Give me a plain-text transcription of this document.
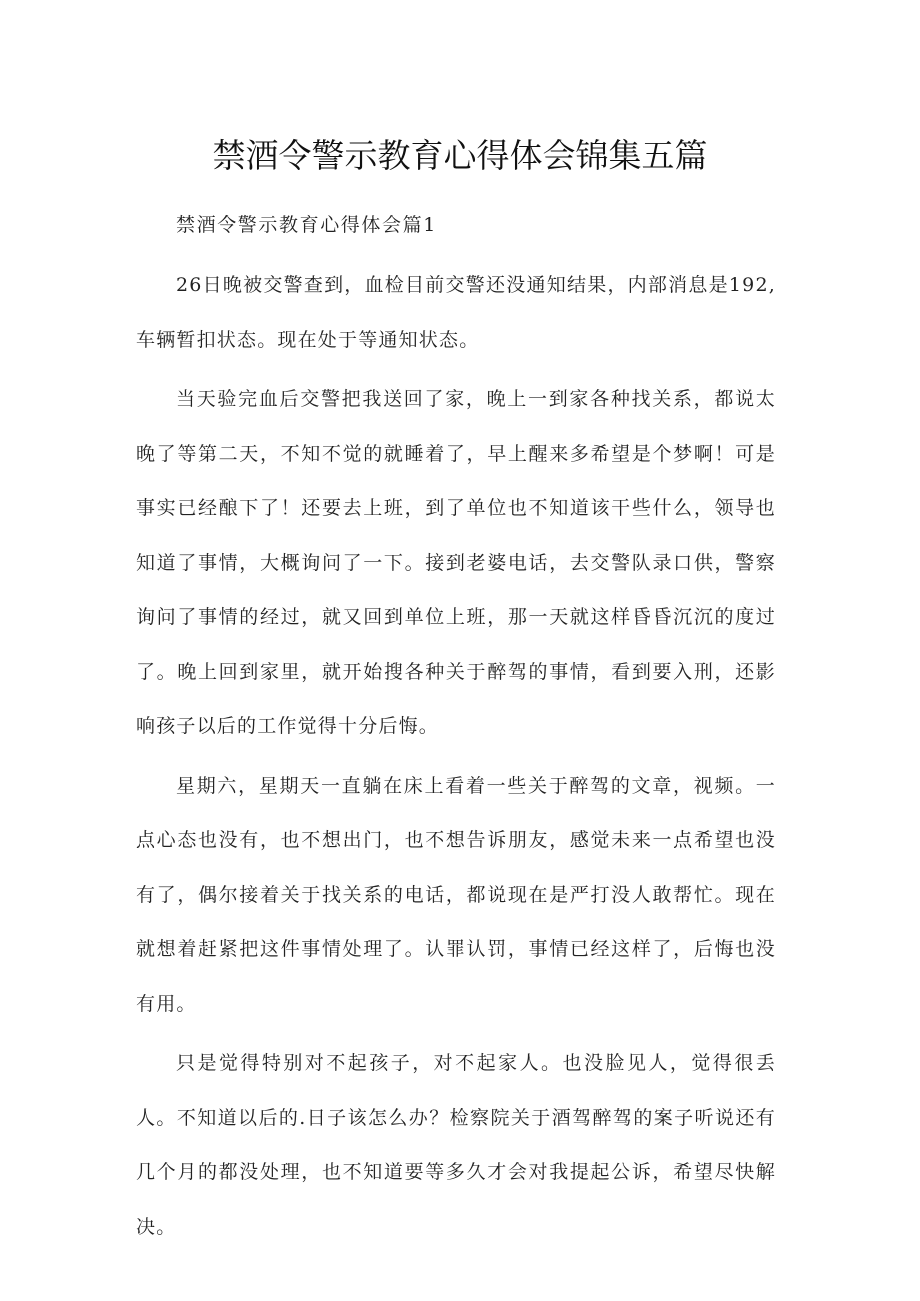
禁酒令警示教育心得体会锦集五篇

禁酒令警示教育心得体会篇1

26日晚被交警查到，血检目前交警还没通知结果，内部消息是192,车辆暂扣状态。现在处于等通知状态。

当天验完血后交警把我送回了家，晚上一到家各种找关系，都说太晚了等第二天，不知不觉的就睡着了，早上醒来多希望是个梦啊！可是事实已经酿下了！还要去上班，到了单位也不知道该干些什么，领导也知道了事情，大概询问了一下。接到老婆电话，去交警队录口供，警察询问了事情的经过，就又回到单位上班，那一天就这样昏昏沉沉的度过了。晚上回到家里，就开始搜各种关于醉驾的事情，看到要入刑，还影响孩子以后的工作觉得十分后悔。

星期六，星期天一直躺在床上看着一些关于醉驾的文章，视频。一点心态也没有，也不想出门，也不想告诉朋友，感觉未来一点希望也没有了，偶尔接着关于找关系的电话，都说现在是严打没人敢帮忙。现在就想着赶紧把这件事情处理了。认罪认罚，事情已经这样了，后悔也没有用。

只是觉得特别对不起孩子，对不起家人。也没脸见人，觉得很丢人。不知道以后的.日子该怎么办？检察院关于酒驾醉驾的案子听说还有几个月的都没处理，也不知道要等多久才会对我提起公诉，希望尽快解决。
